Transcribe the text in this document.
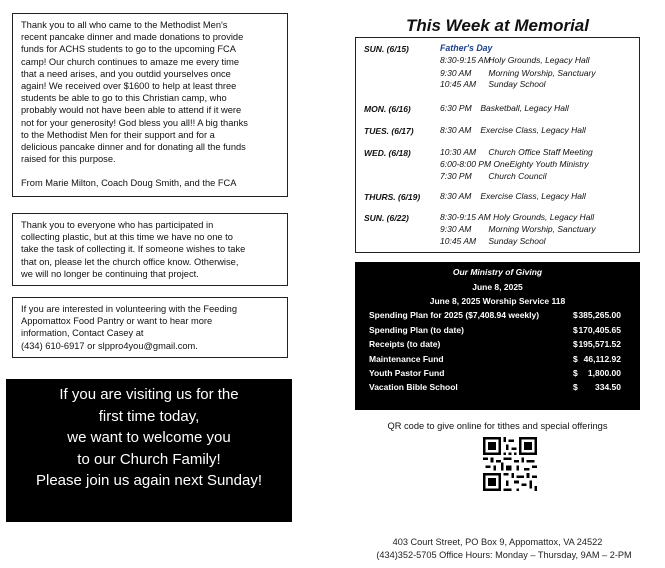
Thank you to all who came to the Methodist Men's
recent pancake dinner and made donations to provide
funds for ACHS students to go to the upcoming FCA
camp! Our church continues to amaze me every time
that a need arises, and you outdid yourselves once
again! We received over $1600 to help at least three
students be able to go to this Christian camp, who
probably would not have been able to attend if it were
not for your generosity! God bless you all!! A big thanks
to the Methodist Men for their support and for a
delicious pancake dinner and for donating all the funds
raised for this purpose.

From Marie Milton, Coach Doug Smith, and the FCA

Thank you to everyone who has participated in
collecting plastic, but at this time we have no one to
take the task of collecting it. If someone wishes to take
that on, please let the church office know. Otherwise,
we will no longer be continuing that project.

If you are interested in volunteering with the Feeding
Appomattox Food Pantry or want to hear more
information, Contact Casey at
(434) 610-6917 or slppro4you@gmail.com.

If you are visiting us for the
first time today,
we want to welcome you
to our Church Family!
Please join us again next Sunday!
This Week at Memorial
SUN. (6/15)	Father's Day
8:30-9:15 AM Holy Grounds, Legacy Hall
9:30 AM Morning Worship, Sanctuary
10:45 AM Sunday School
MON. (6/16)	6:30 PM Basketball, Legacy Hall
TUES. (6/17)	8:30 AM Exercise Class, Legacy Hall
WED. (6/18)	10:30 AM Church Office Staff Meeting
6:00-8:00 PM OneEighty Youth Ministry
7:30 PM Church Council
THURS. (6/19) 8:30 AM Exercise Class, Legacy Hall
SUN. (6/22)	8:30-9:15 AM Holy Grounds, Legacy Hall
9:30 AM Morning Worship, Sanctuary
10:45 AM Sunday School
Our Ministry of Giving
June 8, 2025
June 8, 2025 Worship Service 118
Spending Plan for 2025 ($7,408.94 weekly)	$ 385,265.00
Spending Plan (to date)	$ 170,405.65
Receipts (to date)	$ 195,571.52
Maintenance Fund	$ 46,112.92
Youth Pastor Fund	$ 1,800.00
Vacation Bible School	$ 334.50
QR code to give online for tithes and special offerings
403 Court Street, PO Box 9, Appomattox, VA 24522
(434)352-5705 Office Hours: Monday – Thursday, 9AM – 2-PM
